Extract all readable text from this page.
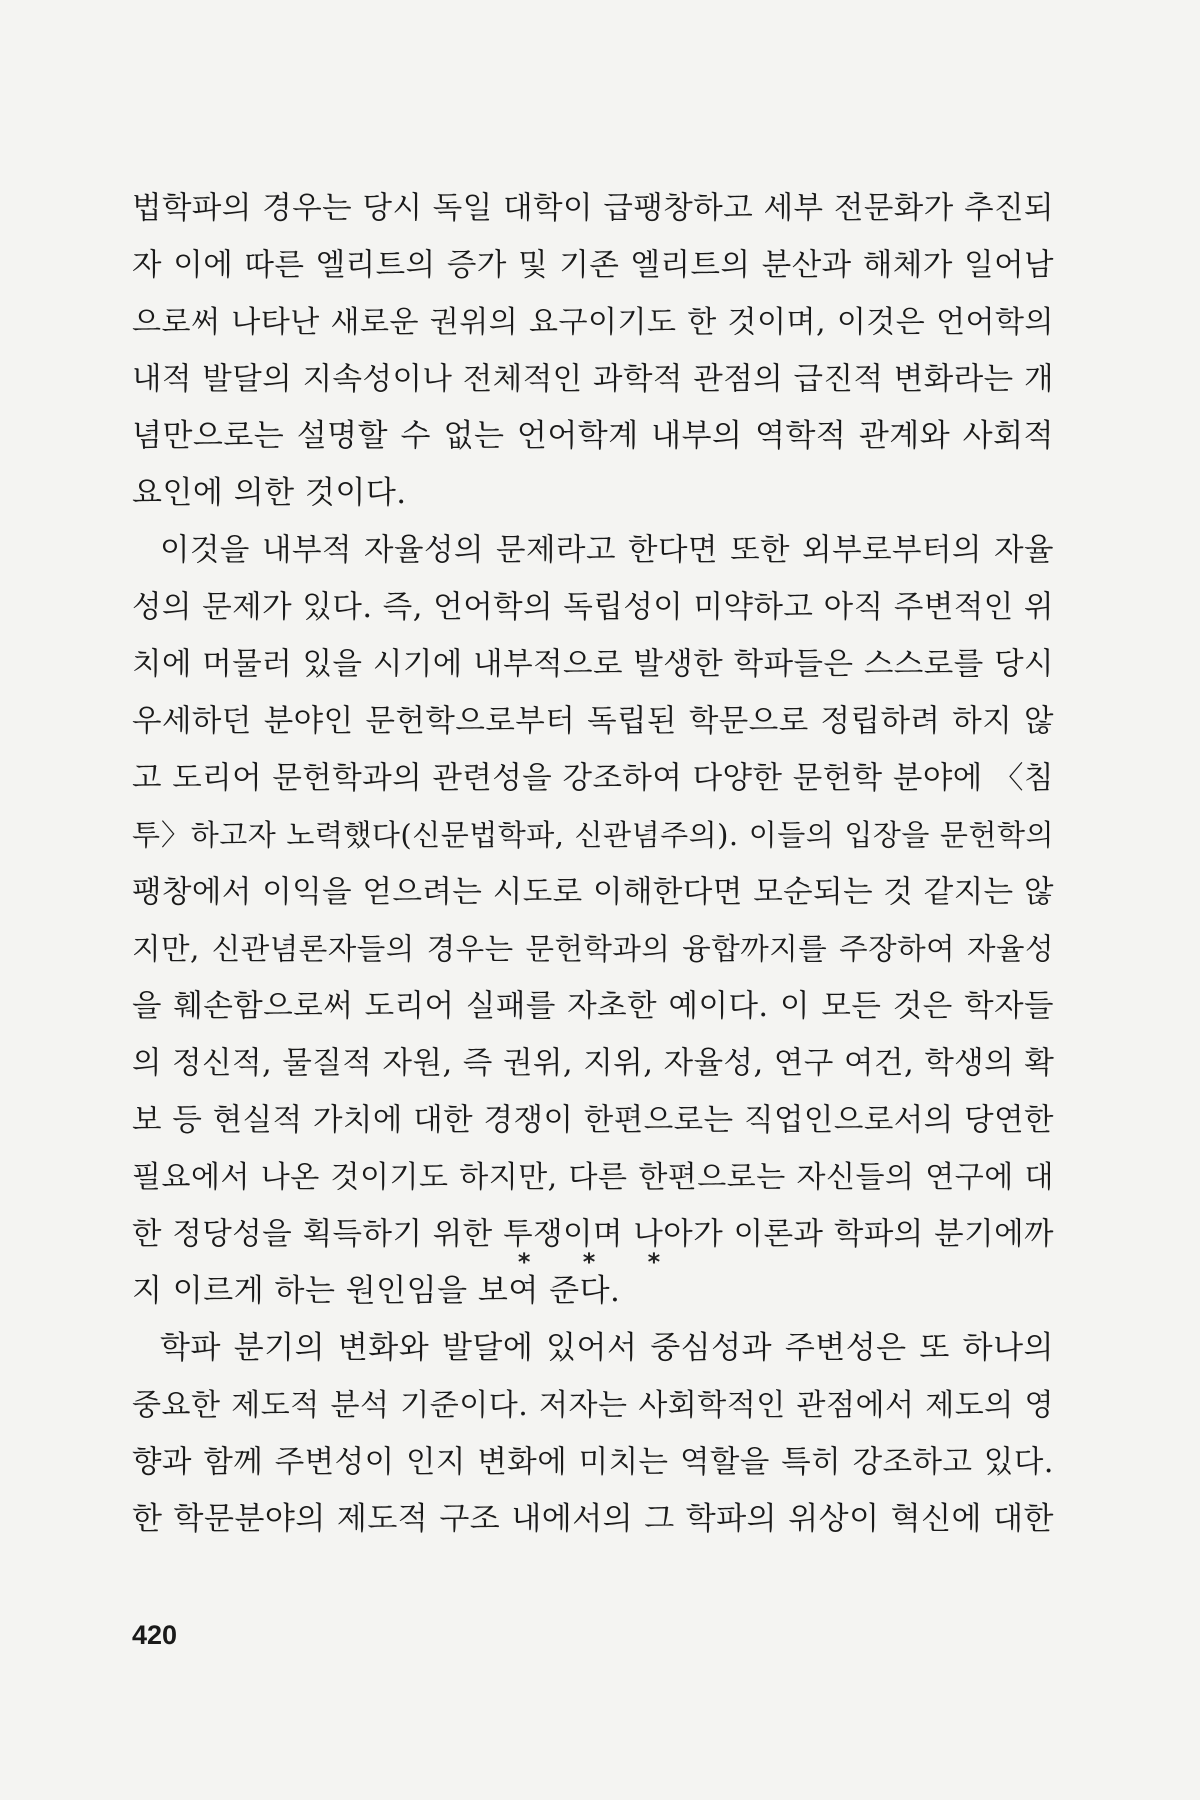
법학파의 경우는 당시 독일 대학이 급팽창하고 세부 전문화가 추진되
자 이에 따른 엘리트의 증가 및 기존 엘리트의 분산과 해체가 일어남
으로써 나타난 새로운 권위의 요구이기도 한 것이며, 이것은 언어학의
내적 발달의 지속성이나 전체적인 과학적 관점의 급진적 변화라는 개
념만으로는 설명할 수 없는 언어학계 내부의 역학적 관계와 사회적
요인에 의한 것이다.
이것을 내부적 자율성의 문제라고 한다면 또한 외부로부터의 자율
성의 문제가 있다. 즉, 언어학의 독립성이 미약하고 아직 주변적인 위
치에 머물러 있을 시기에 내부적으로 발생한 학파들은 스스로를 당시
우세하던 분야인 문헌학으로부터 독립된 학문으로 정립하려 하지 않
고 도리어 문헌학과의 관련성을 강조하여 다양한 문헌학 분야에 〈침
투〉하고자 노력했다(신문법학파, 신관념주의). 이들의 입장을 문헌학의
팽창에서 이익을 얻으려는 시도로 이해한다면 모순되는 것 같지는 않
지만, 신관념론자들의 경우는 문헌학과의 융합까지를 주장하여 자율성
을 훼손함으로써 도리어 실패를 자초한 예이다. 이 모든 것은 학자들
의 정신적, 물질적 자원, 즉 권위, 지위, 자율성, 연구 여건, 학생의 확
보 등 현실적 가치에 대한 경쟁이 한편으로는 직업인으로서의 당연한
필요에서 나온 것이기도 하지만, 다른 한편으로는 자신들의 연구에 대
한 정당성을 획득하기 위한 투쟁이며 나아가 이론과 학파의 분기에까
지 이르게 하는 원인임을 보여 준다.
* * *
학파 분기의 변화와 발달에 있어서 중심성과 주변성은 또 하나의
중요한 제도적 분석 기준이다. 저자는 사회학적인 관점에서 제도의 영
향과 함께 주변성이 인지 변화에 미치는 역할을 특히 강조하고 있다.
한 학문분야의 제도적 구조 내에서의 그 학파의 위상이 혁신에 대한
420
